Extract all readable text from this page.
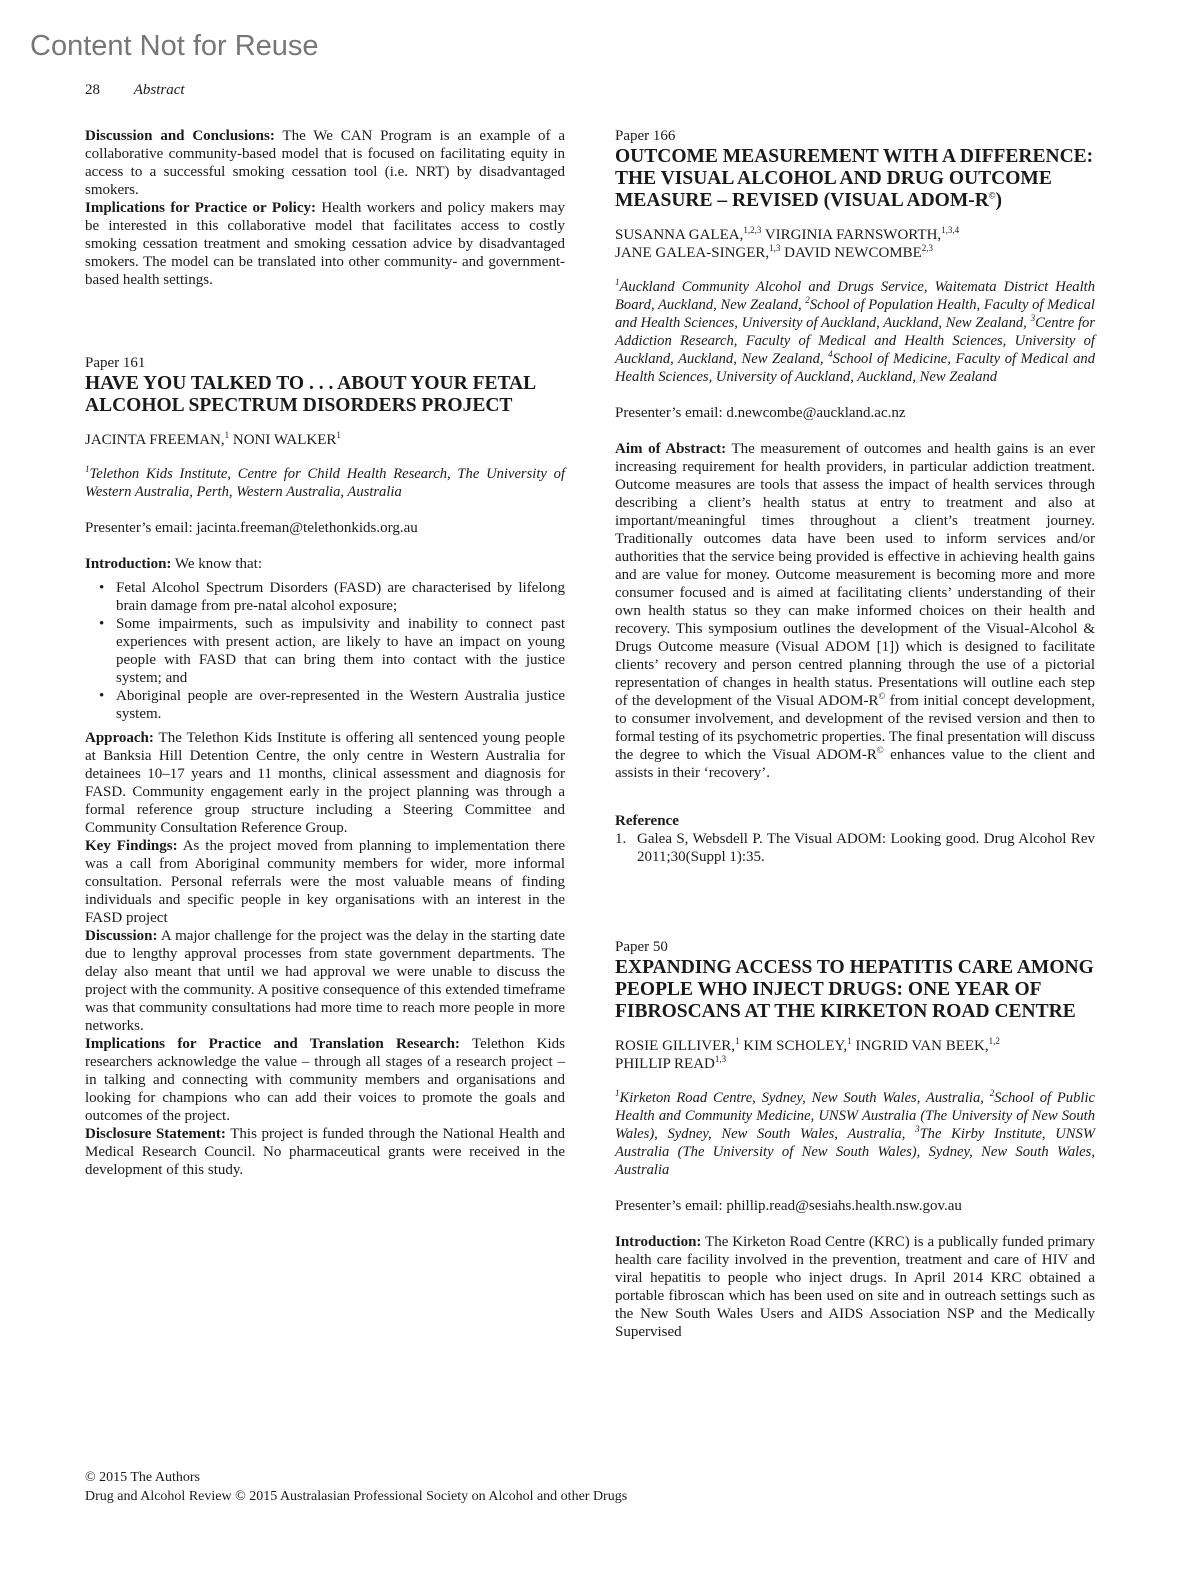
Content Not for Reuse
28 Abstract

Discussion and Conclusions: The We CAN Program is an example of a collaborative community-based model that is focused on facilitating equity in access to a successful smoking cessation tool (i.e. NRT) by disadvantaged smokers.

Implications for Practice or Policy: Health workers and policy makers may be interested in this collaborative model that facilitates access to costly smoking cessation treatment and smoking cessation advice by disadvantaged smokers. The model can be translated into other community- and government-based health settings.

Paper 161
HAVE YOU TALKED TO . . . ABOUT YOUR FETAL ALCOHOL SPECTRUM DISORDERS PROJECT
JACINTA FREEMAN,$^1$ NONI WALKER$^1$
$^1$Telethon Kids Institute, Centre for Child Health Research, The University of Western Australia, Perth, Western Australia, Australia
Presenter’s email: jacinta.freeman@telethonkids.org.au

Introduction: We know that:

• Fetal Alcohol Spectrum Disorders (FASD) are characterised by lifelong brain damage from pre-natal alcohol exposure;
• Some impairments, such as impulsivity and inability to connect past experiences with present action, are likely to have an impact on young people with FASD that can bring them into contact with the justice system; and
• Aboriginal people are over-represented in the Western Australia justice system.

Approach: The Telethon Kids Institute is offering all sentenced young people at Banksia Hill Detention Centre, the only centre in Western Australia for detainees 10–17 years and 11 months, clinical assessment and diagnosis for FASD. Community engagement early in the project planning was through a formal reference group structure including a Steering Committee and Community Consultation Reference Group.

Key Findings: As the project moved from planning to implementation there was a call from Aboriginal community members for wider, more informal consultation. Personal referrals were the most valuable means of finding individuals and specific people in key organisations with an interest in the FASD project

Discussion: A major challenge for the project was the delay in the starting date due to lengthy approval processes from state government departments. The delay also meant that until we had approval we were unable to discuss the project with the community. A positive consequence of this extended timeframe was that community consultations had more time to reach more people in more networks.

Implications for Practice and Translation Research: Telethon Kids researchers acknowledge the value – through all stages of a research project – in talking and connecting with community members and organisations and looking for champions who can add their voices to promote the goals and outcomes of the project.

Disclosure Statement: This project is funded through the National Health and Medical Research Council. No pharmaceutical grants were received in the development of this study.

Paper 166
OUTCOME MEASUREMENT WITH A DIFFERENCE: THE VISUAL ALCOHOL AND DRUG OUTCOME MEASURE – REVISED (VISUAL ADOM-R©)
SUSANNA GALEA,$^{1,2,3}$ VIRGINIA FARNSWORTH,$^{1,3,4}$
JANE GALEA-SINGER,$^{1,3}$ DAVID NEWCOMBE$^{2,3}$
$^1$Auckland Community Alcohol and Drugs Service, Waitemata District Health Board, Auckland, New Zealand, $^2$School of Population Health, Faculty of Medical and Health Sciences, University of Auckland, Auckland, New Zealand, $^3$Centre for Addiction Research, Faculty of Medical and Health Sciences, University of Auckland, Auckland, New Zealand, $^4$School of Medicine, Faculty of Medical and Health Sciences, University of Auckland, Auckland, New Zealand
Presenter’s email: d.newcombe@auckland.ac.nz

Aim of Abstract: The measurement of outcomes and health gains is an ever increasing requirement for health providers, in particular addiction treatment. Outcome measures are tools that assess the impact of health services through describing a client’s health status at entry to treatment and also at important/meaningful times throughout a client’s treatment journey. Traditionally outcomes data have been used to inform services and/or authorities that the service being provided is effective in achieving health gains and are value for money. Outcome measurement is becoming more and more consumer focused and is aimed at facilitating clients’ understanding of their own health status so they can make informed choices on their health and recovery. This symposium outlines the development of the Visual-Alcohol & Drugs Outcome measure (Visual ADOM [1]) which is designed to facilitate clients’ recovery and person centred planning through the use of a pictorial representation of changes in health status. Presentations will outline each step of the development of the Visual ADOM-R© from initial concept development, to consumer involvement, and development of the revised version and then to formal testing of its psychometric properties. The final presentation will discuss the degree to which the Visual ADOM-R© enhances value to the client and assists in their ‘recovery’.

Reference
1. Galea S, Websdell P. The Visual ADOM: Looking good. Drug Alcohol Rev 2011;30(Suppl 1):35.
Paper 50
EXPANDING ACCESS TO HEPATITIS CARE AMONG PEOPLE WHO INJECT DRUGS: ONE YEAR OF FIBROSCANS AT THE KIRKETON ROAD CENTRE
ROSIE GILLIVER,$^1$ KIM SCHOLEY,$^1$ INGRID VAN BEEK,$^{1,2}$
PHILLIP READ$^{1,3}$
$^1$Kirketon Road Centre, Sydney, New South Wales, Australia, $^2$School of Public Health and Community Medicine, UNSW Australia (The University of New South Wales), Sydney, New South Wales, Australia, $^3$The Kirby Institute, UNSW Australia (The University of New South Wales), Sydney, New South Wales, Australia
Presenter’s email: phillip.read@sesiahs.health.nsw.gov.au

Introduction: The Kirketon Road Centre (KRC) is a publically funded primary health care facility involved in the prevention, treatment and care of HIV and viral hepatitis to people who inject drugs. In April 2014 KRC obtained a portable fibroscan which has been used on site and in outreach settings such as the New South Wales Users and AIDS Association NSP and the Medically Supervised

© 2015 The Authors
Drug and Alcohol Review © 2015 Australasian Professional Society on Alcohol and other Drugs
